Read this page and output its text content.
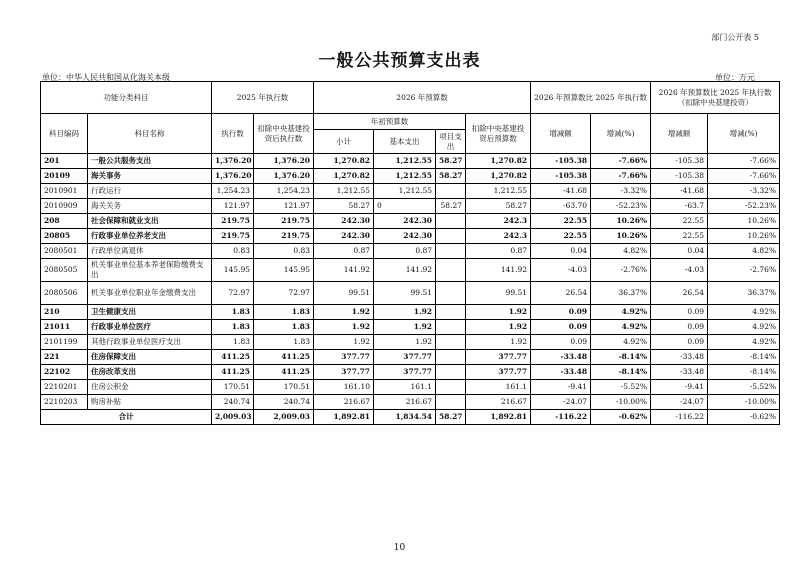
部门公开表 5
一般公共预算支出表
单位：中华人民共和国从化海关本级	单位：万元
功能分类科目		2025 年执行数		2026 年预算数				2026 年预算数比 2025 年执行数		2026 年预算数比 2025 年执行数（扣除中央基建投资）	
科目编码	科目名称	执行数	扣除中央基建投资后执行数	年初预算数			扣除中央基建投资后预算数	增减额	增减(%)	增减额	增减(%)
				小计	基本支出	项目支出					
201	一般公共服务支出	1,376.20	1,376.20	1,270.82	1,212.55	58.27	1,270.82	-105.38	-7.66%	-105.38	-7.66%
20109	海关事务	1,376.20	1,376.20	1,270.82	1,212.55	58.27	1,270.82	-105.38	-7.66%	-105.38	-7.66%
2010901	行政运行	1,254.23	1,254.23	1,212.55	1,212.55		1,212.55	-41.68	-3.32%	-41.68	-3.32%
2010909	海关关务	121.97	121.97	58.27	0	58.27	58.27	-63.70	-52.23%	-63.7	-52.23%
208	社会保障和就业支出	219.75	219.75	242.30	242.30		242.3	22.55	10.26%	22.55	10.26%
20805	行政事业单位养老支出	219.75	219.75	242.30	242.30		242.3	22.55	10.26%	22.55	10.26%
2080501	行政单位离退休	0.83	0.83	0.87	0.87		0.87	0.04	4.82%	0.04	4.82%
2080505	机关事业单位基本养老保险缴费支出	145.95	145.95	141.92	141.92		141.92	-4.03	-2.76%	-4.03	-2.76%
2080506	机关事业单位职业年金缴费支出	72.97	72.97	99.51	99.51		99.51	26.54	36.37%	26.54	36.37%
210	卫生健康支出	1.83	1.83	1.92	1.92		1.92	0.09	4.92%	0.09	4.92%
21011	行政事业单位医疗	1.83	1.83	1.92	1.92		1.92	0.09	4.92%	0.09	4.92%
2101199	其他行政事业单位医疗支出	1.83	1.83	1.92	1.92		1.92	0.09	4.92%	0.09	4.92%
221	住房保障支出	411.25	411.25	377.77	377.77		377.77	-33.48	-8.14%	-33.48	-8.14%
22102	住房改革支出	411.25	411.25	377.77	377.77		377.77	-33.48	-8.14%	-33.48	-8.14%
2210201	住房公积金	170.51	170.51	161.10	161.1		161.1	-9.41	-5.52%	-9.41	-5.52%
2210203	购房补贴	240.74	240.74	216.67	216.67		216.67	-24.07	-10.00%	-24.07	-10.00%
合计		2,009.03	2,009.03	1,892.81	1,834.54	58.27	1,892.81	-116.22	-0.62%	-116.22	-0.62%
10
